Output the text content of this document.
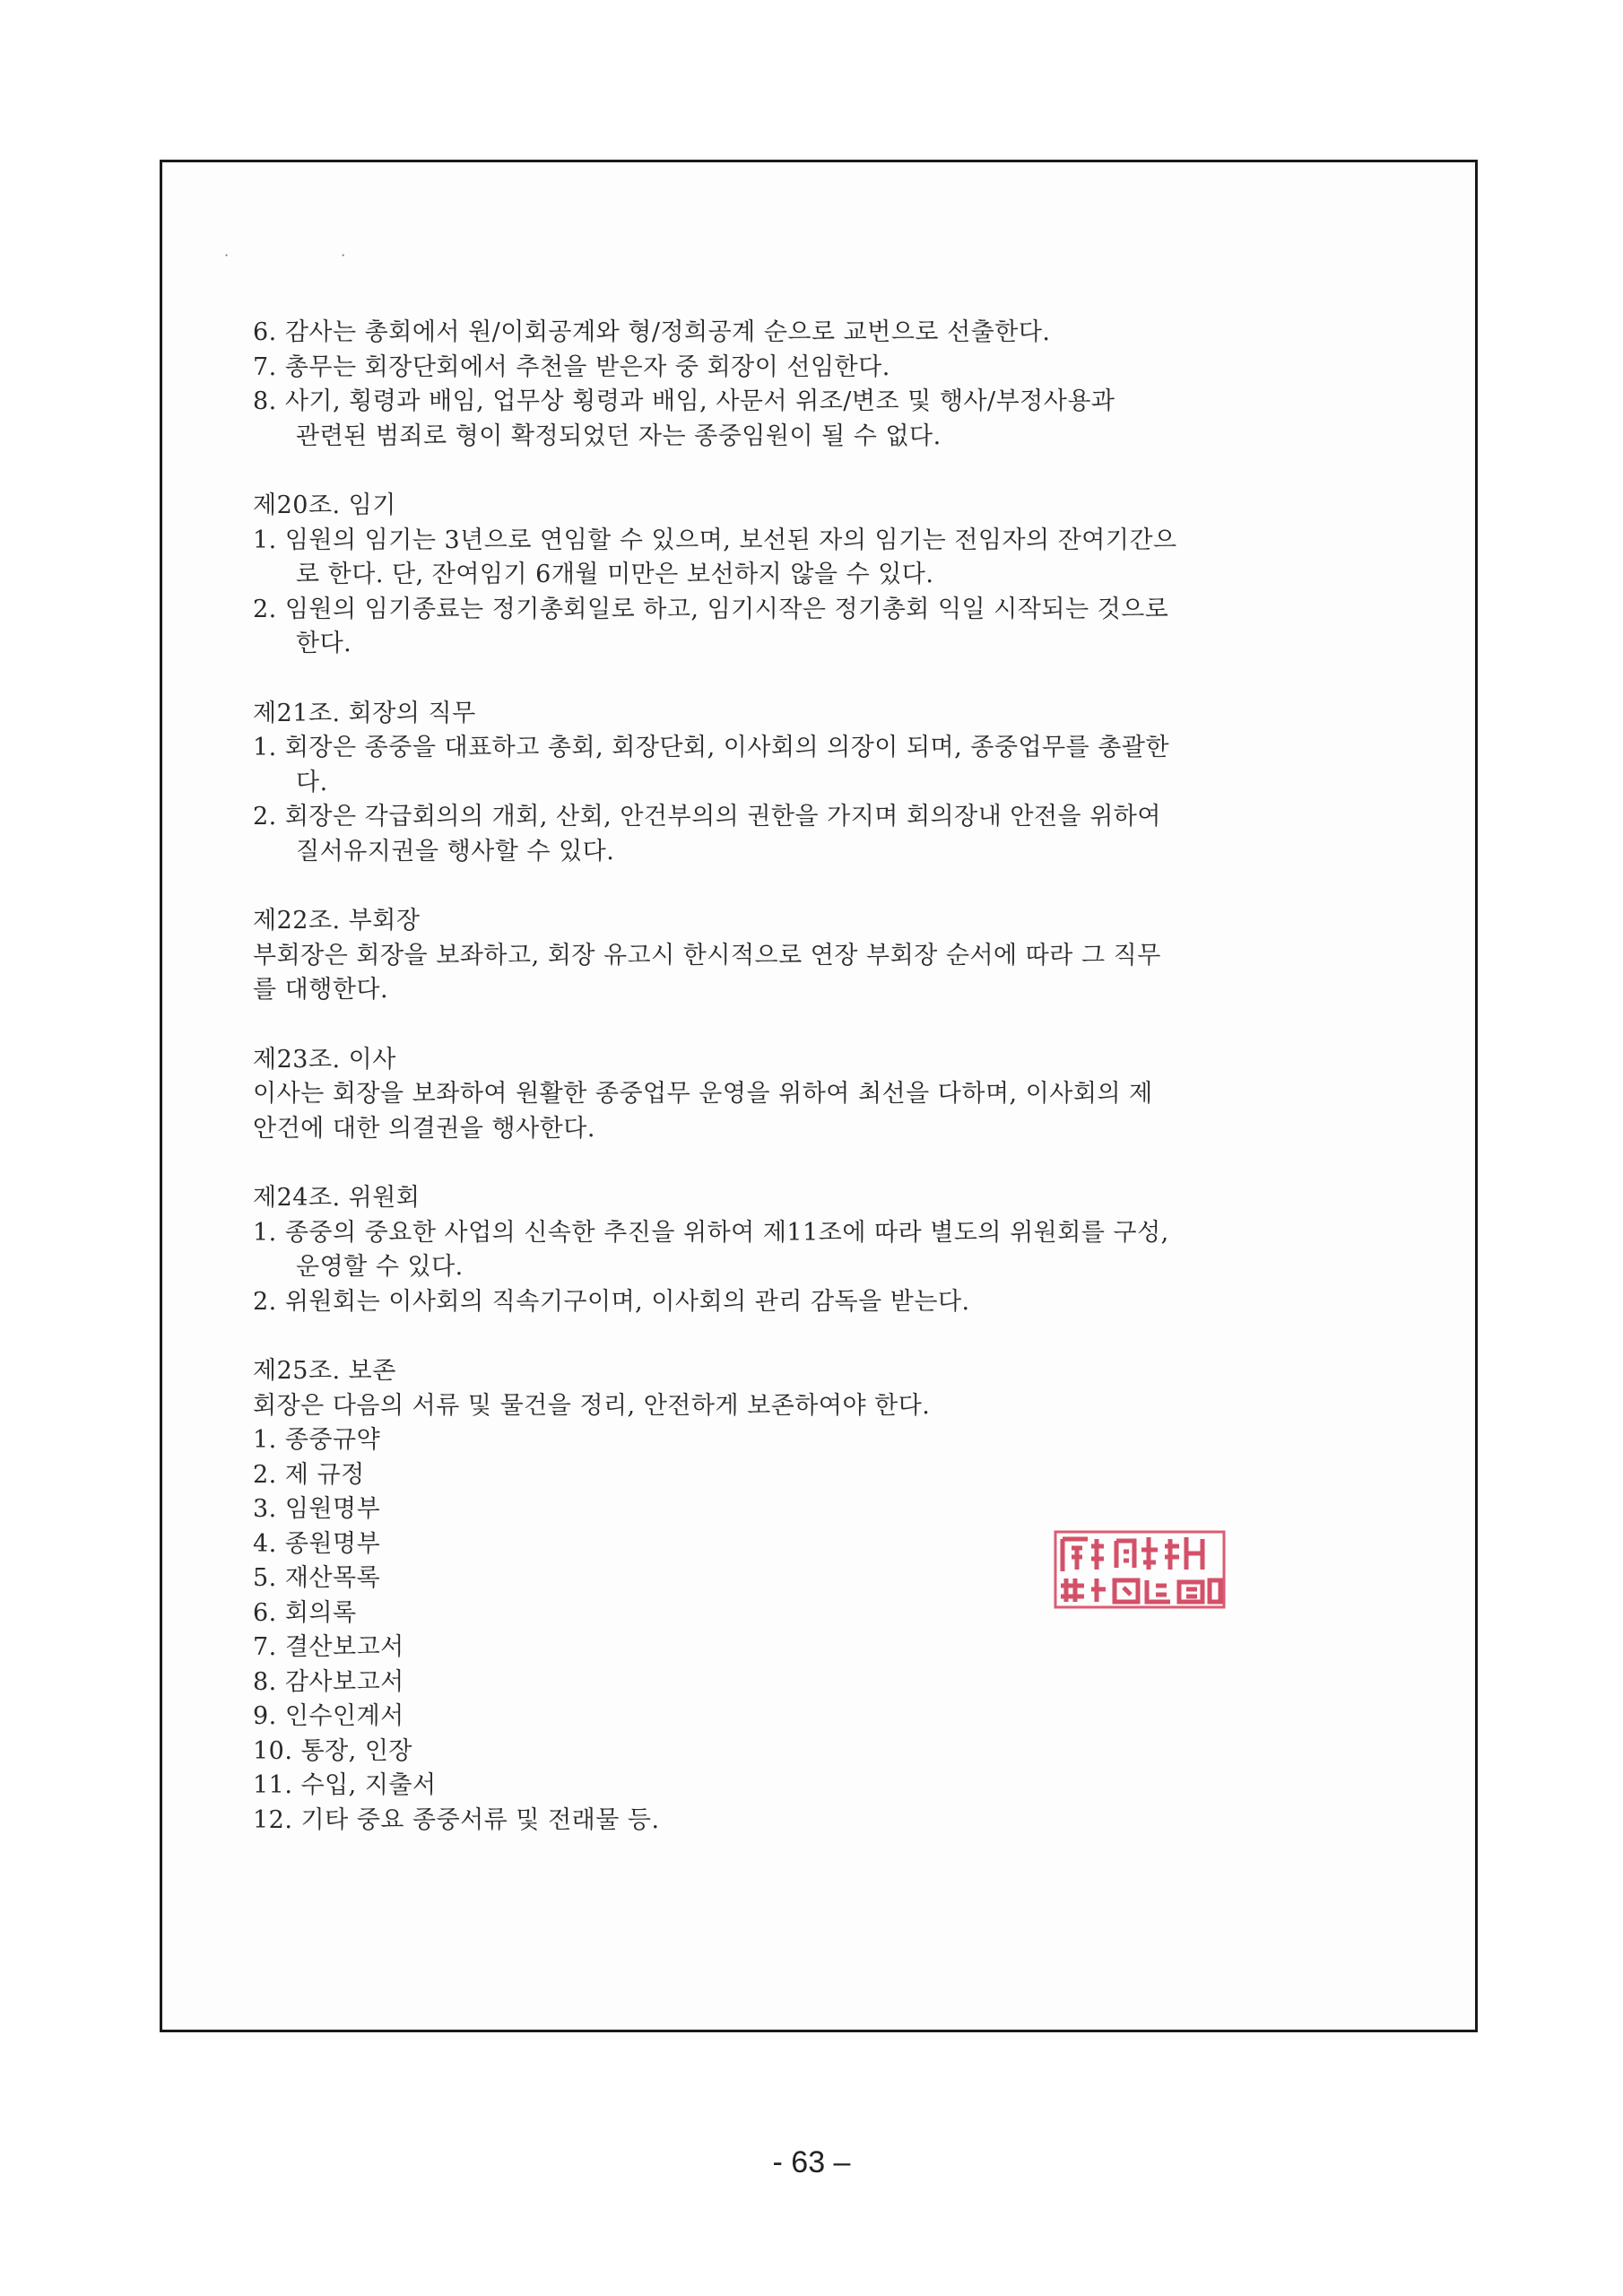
· ·
6. 감사는 총회에서 원/이회공계와 형/정희공계 순으로 교번으로 선출한다.
7. 총무는 회장단회에서 추천을 받은자 중 회장이 선임한다.
8. 사기, 횡령과 배임, 업무상 횡령과 배임, 사문서 위조/변조 및 행사/부정사용과
관련된 범죄로 형이 확정되었던 자는 종중임원이 될 수 없다.
제20조. 임기
1. 임원의 임기는 3년으로 연임할 수 있으며, 보선된 자의 임기는 전임자의 잔여기간으
로 한다. 단, 잔여임기 6개월 미만은 보선하지 않을 수 있다.
2. 임원의 임기종료는 정기총회일로 하고, 임기시작은 정기총회 익일 시작되는 것으로
한다.
제21조. 회장의 직무
1. 회장은 종중을 대표하고 총회, 회장단회, 이사회의 의장이 되며, 종중업무를 총괄한
다.
2. 회장은 각급회의의 개회, 산회, 안건부의의 권한을 가지며 회의장내 안전을 위하여
질서유지권을 행사할 수 있다.
제22조. 부회장
부회장은 회장을 보좌하고, 회장 유고시 한시적으로 연장 부회장 순서에 따라 그 직무
를 대행한다.
제23조. 이사
이사는 회장을 보좌하여 원활한 종중업무 운영을 위하여 최선을 다하며, 이사회의 제
안건에 대한 의결권을 행사한다.
제24조. 위원회
1. 종중의 중요한 사업의 신속한 추진을 위하여 제11조에 따라 별도의 위원회를 구성,
운영할 수 있다.
2. 위원회는 이사회의 직속기구이며, 이사회의 관리 감독을 받는다.
제25조. 보존
회장은 다음의 서류 및 물건을 정리, 안전하게 보존하여야 한다.
1. 종중규약
2. 제 규정
3. 임원명부
4. 종원명부
5. 재산목록
6. 회의록
7. 결산보고서
8. 감사보고서
9. 인수인계서
10. 통장, 인장
11. 수입, 지출서
12. 기타 중요 종중서류 및 전래물 등.
- 63 –
